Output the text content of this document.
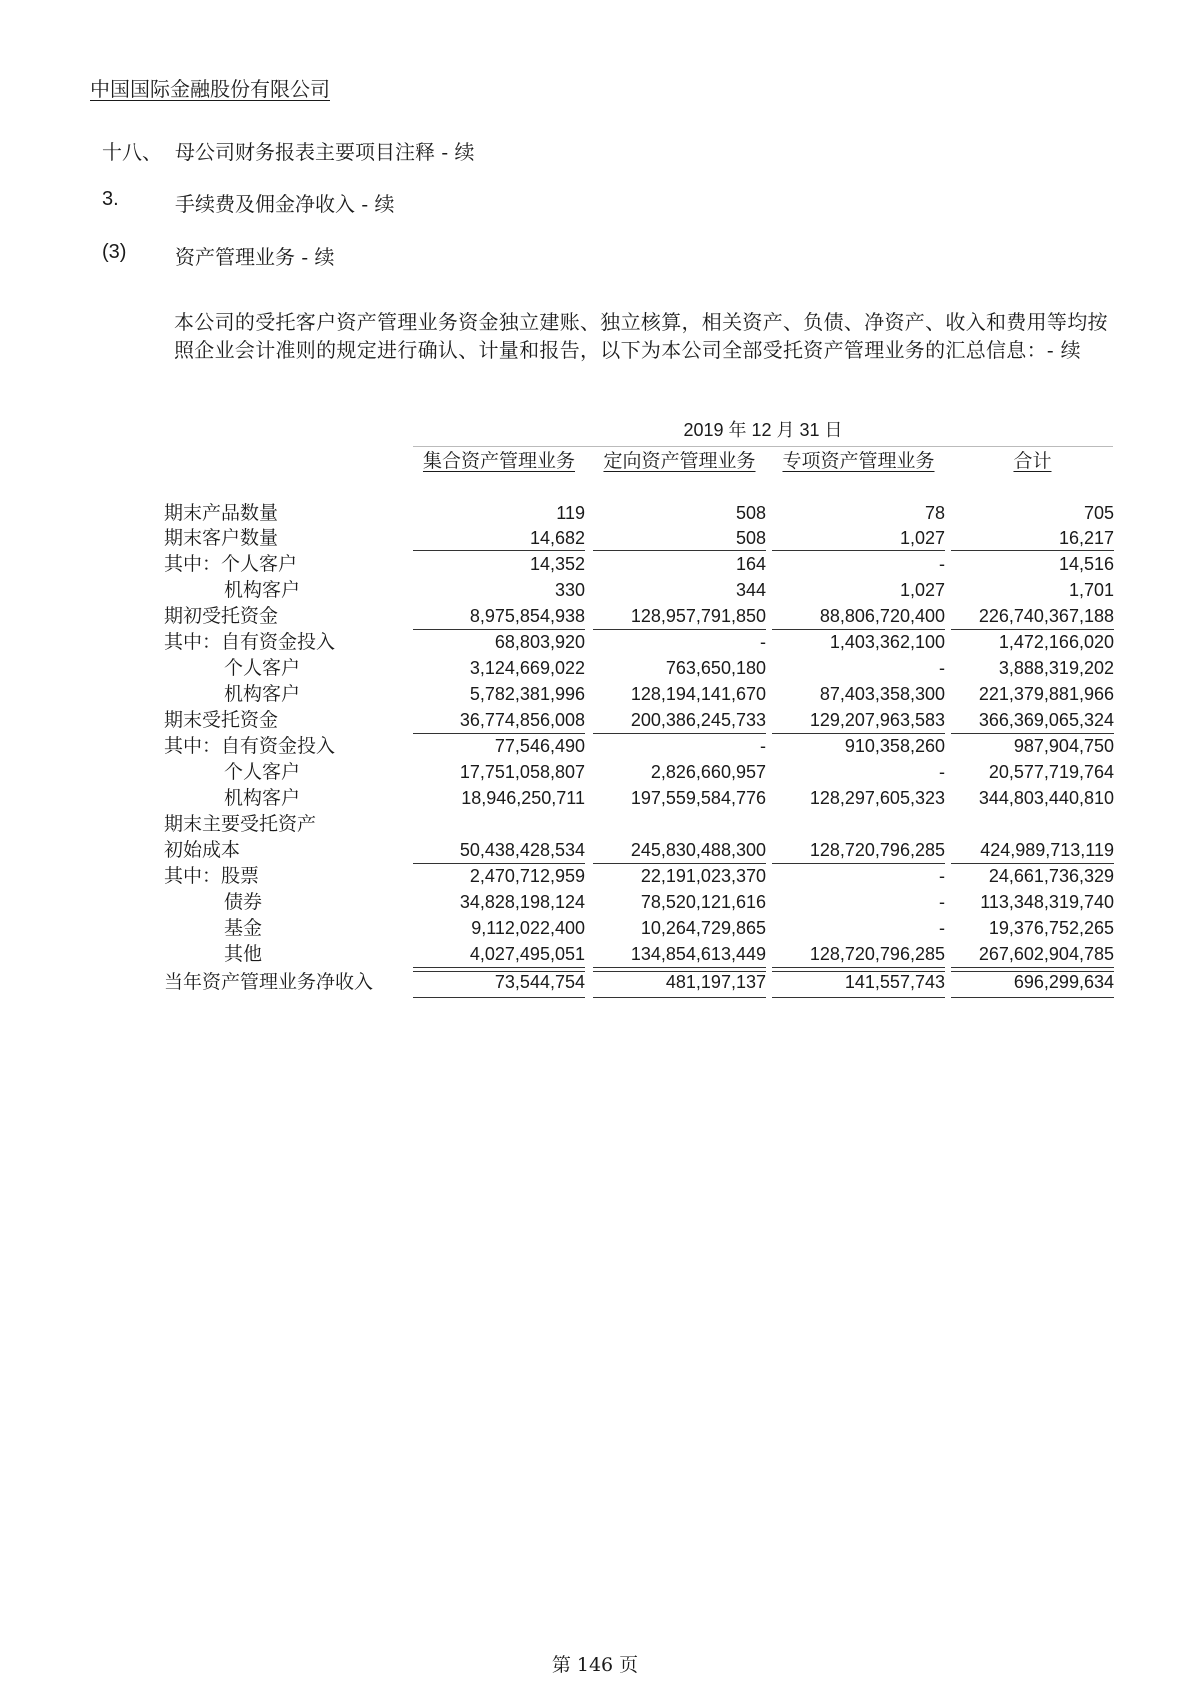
中国国际金融股份有限公司
十八、 母公司财务报表主要项目注释 - 续
3.	手续费及佣金净收入 - 续
(3) 资产管理业务 - 续

本公司的受托客户资产管理业务资金独立建账、独立核算，相关资产、负债、净资产、收入和费用等均按照企业会计准则的规定进行确认、计量和报告，以下为本公司全部受托资产管理业务的汇总信息：- 续

2019 年 12 月 31 日
集合资产管理业务	定向资产管理业务	专项资产管理业务	合计
期末产品数量	119	508	78	705
期末客户数量	14,682	508	1,027	16,217
其中：个人客户	14,352	164	-	14,516
机构客户	330	344	1,027	1,701
期初受托资金	8,975,854,938	128,957,791,850	88,806,720,400	226,740,367,188
其中：自有资金投入	68,803,920	-	1,403,362,100	1,472,166,020
个人客户	3,124,669,022	763,650,180	-	3,888,319,202
机构客户	5,782,381,996	128,194,141,670	87,403,358,300	221,379,881,966
期末受托资金	36,774,856,008	200,386,245,733	129,207,963,583	366,369,065,324
其中：自有资金投入	77,546,490	-	910,358,260	987,904,750
个人客户	17,751,058,807	2,826,660,957	-	20,577,719,764
机构客户	18,946,250,711	197,559,584,776	128,297,605,323	344,803,440,810
期末主要受托资产
初始成本	50,438,428,534	245,830,488,300	128,720,796,285	424,989,713,119
其中：股票	2,470,712,959	22,191,023,370	-	24,661,736,329
债券	34,828,198,124	78,520,121,616	-	113,348,319,740
基金	9,112,022,400	10,264,729,865	-	19,376,752,265
其他	4,027,495,051	134,854,613,449	128,720,796,285	267,602,904,785
当年资产管理业务净收入	73,544,754	481,197,137	141,557,743	696,299,634
第 146 页
